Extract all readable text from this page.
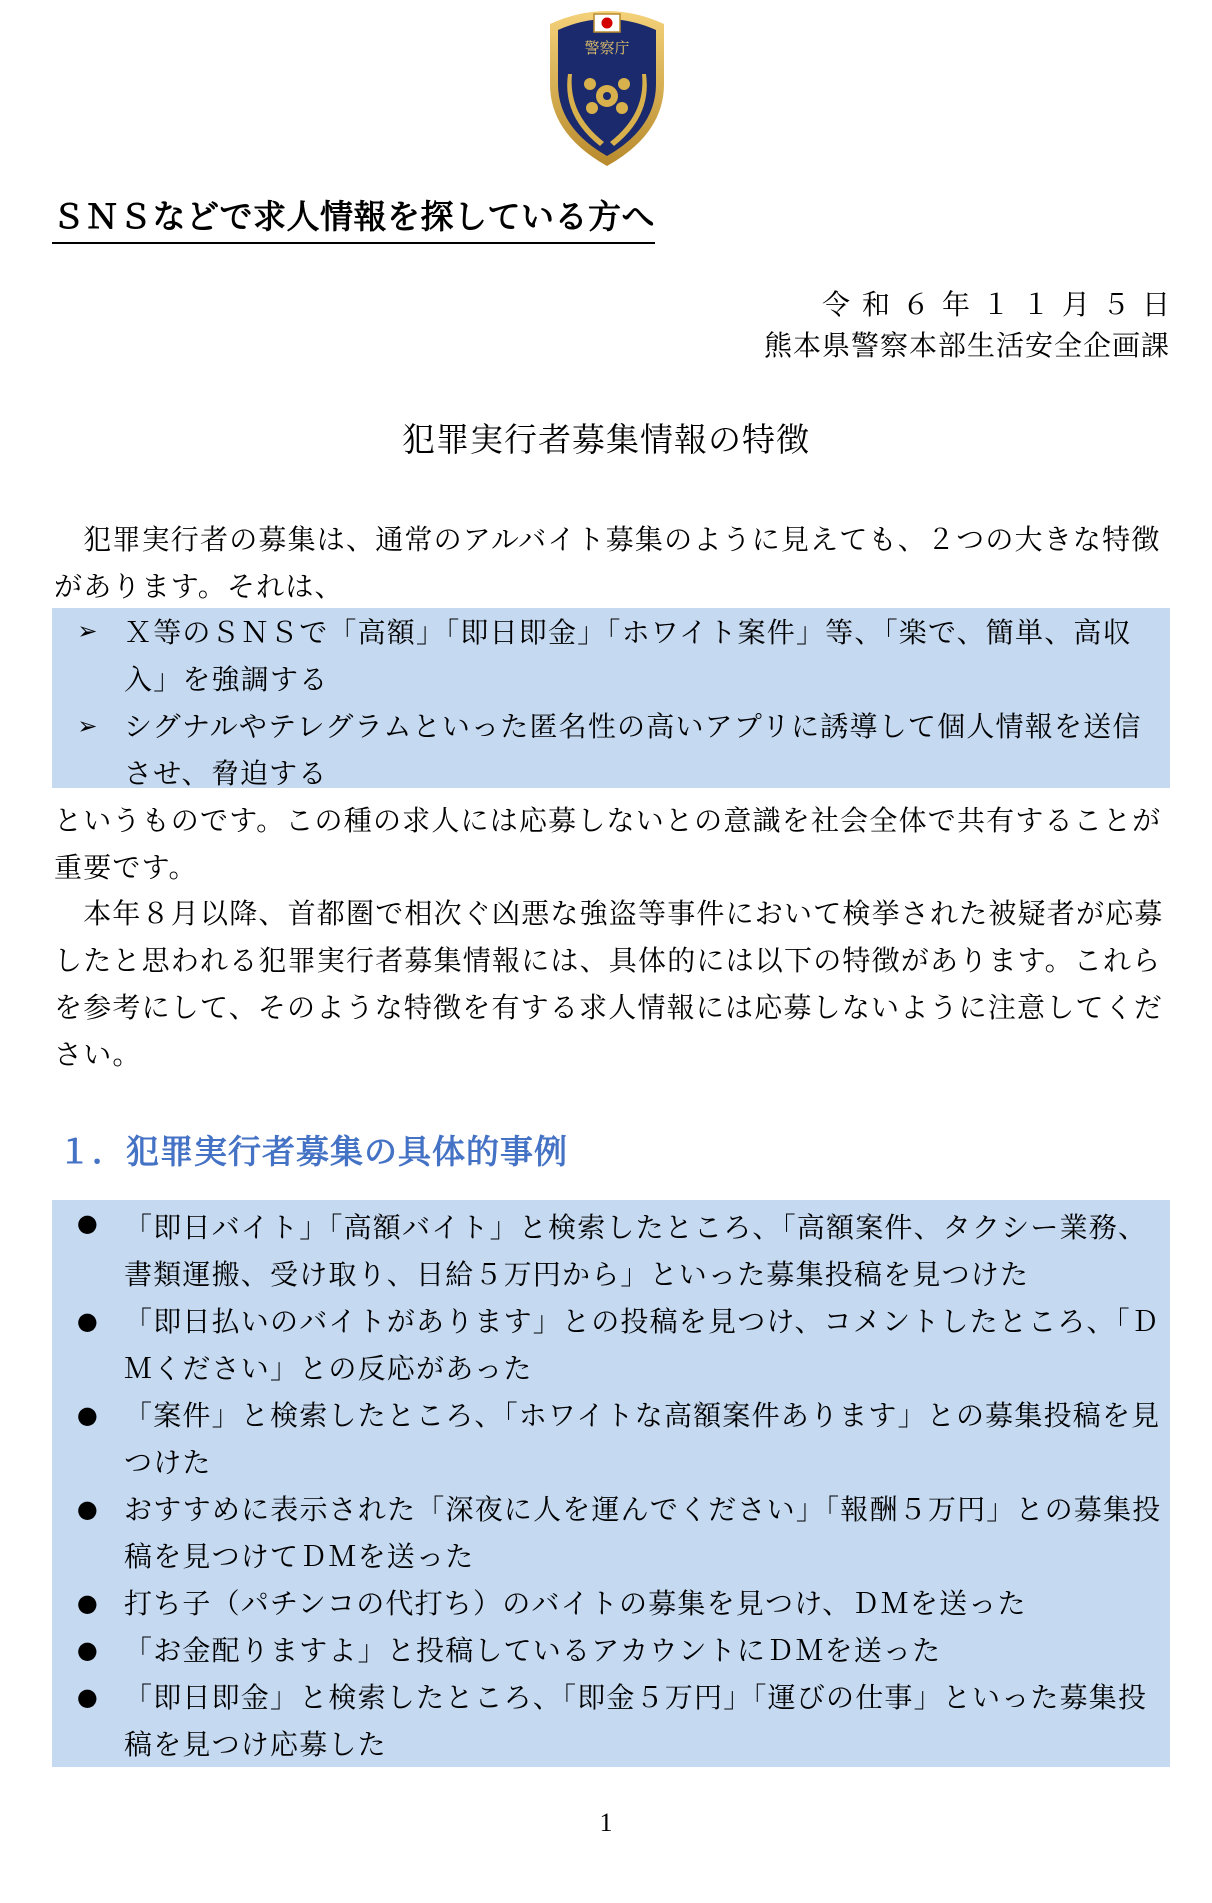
警察庁
ＳＮＳなどで求人情報を探している方へ
令和６年１１月５日
熊本県警察本部生活安全企画課
犯罪実行者募集情報の特徴

　犯罪実行者の募集は、通常のアルバイト募集のように見えても、２つの大きな特徴があります。それは、

➢ Ｘ等のＳＮＳで「高額」「即日即金」「ホワイト案件」等、「楽で、簡単、高収入」を強調する
➢ シグナルやテレグラムといった匿名性の高いアプリに誘導して個人情報を送信させ、脅迫する

というものです。この種の求人には応募しないとの意識を社会全体で共有することが重要です。

　本年８月以降、首都圏で相次ぐ凶悪な強盗等事件において検挙された被疑者が応募したと思われる犯罪実行者募集情報には、具体的には以下の特徴があります。これらを参考にして、そのような特徴を有する求人情報には応募しないように注意してください。

１．犯罪実行者募集の具体的事例
● 「即日バイト」「高額バイト」と検索したところ、「高額案件、タクシー業務、書類運搬、受け取り、日給５万円から」といった募集投稿を見つけた
● 「即日払いのバイトがあります」との投稿を見つけ、コメントしたところ、「ＤＭください」との反応があった
● 「案件」と検索したところ、「ホワイトな高額案件あります」との募集投稿を見つけた
● おすすめに表示された「深夜に人を運んでください」「報酬５万円」との募集投稿を見つけてＤＭを送った
● 打ち子（パチンコの代打ち）のバイトの募集を見つけ、ＤＭを送った
● 「お金配りますよ」と投稿しているアカウントにＤＭを送った
● 「即日即金」と検索したところ、「即金５万円」「運びの仕事」といった募集投稿を見つけ応募した
1
